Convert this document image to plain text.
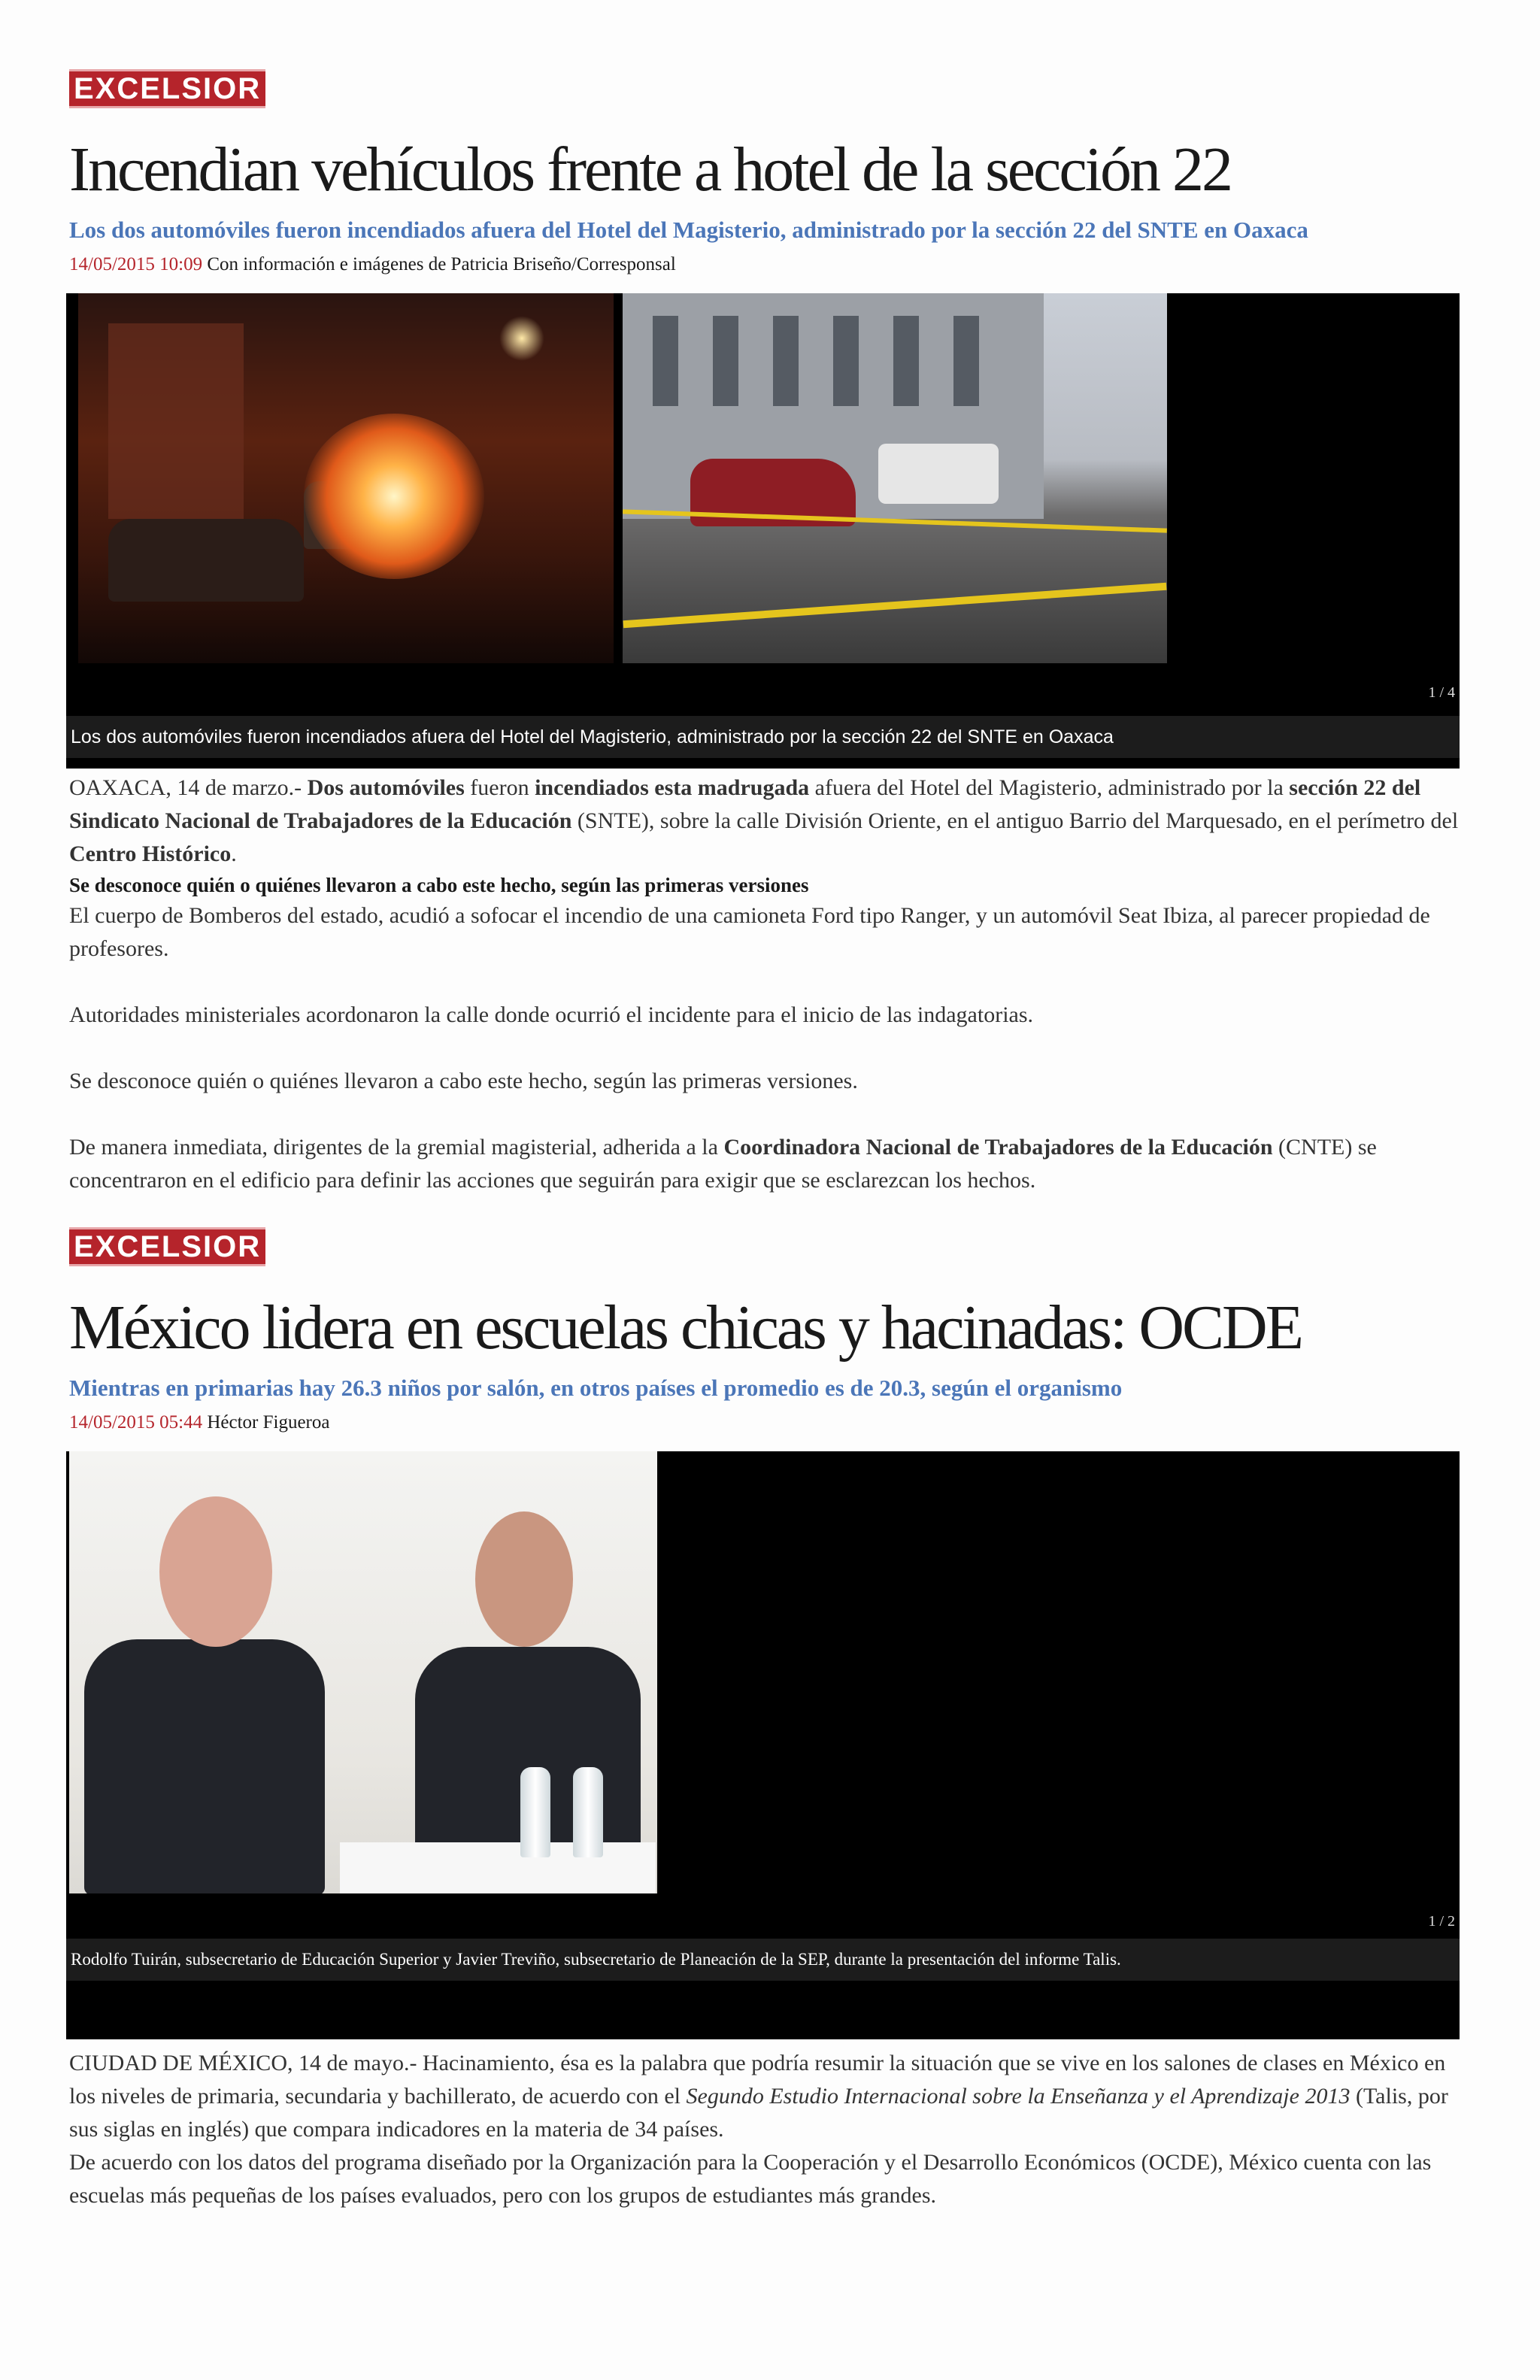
EXCELSIOR
Incendian vehículos frente a hotel de la sección 22
Los dos automóviles fueron incendiados afuera del Hotel del Magisterio, administrado por la sección 22 del SNTE en Oaxaca
14/05/2015 10:09 Con información e imágenes de Patricia Briseño/Corresponsal
1 / 4
Los dos automóviles fueron incendiados afuera del Hotel del Magisterio, administrado por la sección 22 del SNTE en Oaxaca

OAXACA, 14 de marzo.- Dos automóviles fueron incendiados esta madrugada afuera del Hotel del Magisterio, administrado por la sección 22 del Sindicato Nacional de Trabajadores de la Educación (SNTE), sobre la calle División Oriente, en el antiguo Barrio del Marquesado, en el perímetro del Centro Histórico.

Se desconoce quién o quiénes llevaron a cabo este hecho, según las primeras versiones

El cuerpo de Bomberos del estado, acudió a sofocar el incendio de una camioneta Ford tipo Ranger, y un automóvil Seat Ibiza, al parecer propiedad de profesores.

Autoridades ministeriales acordonaron la calle donde ocurrió el incidente para el inicio de las indagatorias.

Se desconoce quién o quiénes llevaron a cabo este hecho, según las primeras versiones.

De manera inmediata, dirigentes de la gremial magisterial, adherida a la Coordinadora Nacional de Trabajadores de la Educación (CNTE) se concentraron en el edificio para definir las acciones que seguirán para exigir que se esclarezcan los hechos.

EXCELSIOR
México lidera en escuelas chicas y hacinadas: OCDE
Mientras en primarias hay 26.3 niños por salón, en otros países el promedio es de 20.3, según el organismo
14/05/2015 05:44 Héctor Figueroa
1 / 2
Rodolfo Tuirán, subsecretario de Educación Superior y Javier Treviño, subsecretario de Planeación de la SEP, durante la presentación del informe Talis.

CIUDAD DE MÉXICO, 14 de mayo.- Hacinamiento, ésa es la palabra que podría resumir la situación que se vive en los salones de clases en México en los niveles de primaria, secundaria y bachillerato, de acuerdo con el Segundo Estudio Internacional sobre la Enseñanza y el Aprendizaje 2013 (Talis, por sus siglas en inglés) que compara indicadores en la materia de 34 países.

De acuerdo con los datos del programa diseñado por la Organización para la Cooperación y el Desarrollo Económicos (OCDE), México cuenta con las escuelas más pequeñas de los países evaluados, pero con los grupos de estudiantes más grandes.
